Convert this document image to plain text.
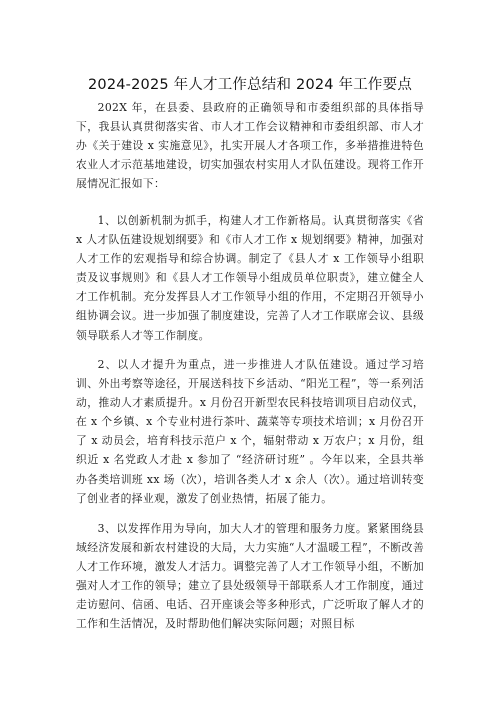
2024-2025 年人才工作总结和 2024 年工作要点

202X 年，在县委、县政府的正确领导和市委组织部的具体指导下，我县认真贯彻落实省、市人才工作会议精神和市委组织部、市人才办《关于建设 x 实施意见》，扎实开展人才各项工作，多举措推进特色农业人才示范基地建设，切实加强农村实用人才队伍建设。现将工作开展情况汇报如下：

1、以创新机制为抓手，构建人才工作新格局。认真贯彻落实《省 x 人才队伍建设规划纲要》和《市人才工作 x 规划纲要》精神，加强对人才工作的宏观指导和综合协调。制定了《县人才 x 工作领导小组职责及议事规则》和《县人才工作领导小组成员单位职责》，建立健全人才工作机制。充分发挥县人才工作领导小组的作用，不定期召开领导小组协调会议。进一步加强了制度建设，完善了人才工作联席会议、县级领导联系人才等工作制度。

2、以人才提升为重点，进一步推进人才队伍建设。通过学习培训、外出考察等途径，开展送科技下乡活动、“阳光工程”，等一系列活动，推动人才素质提升。x 月份召开新型农民科技培训项目启动仪式，在 x 个乡镇、x 个专业村进行茶叶、蔬菜等专项技术培训；x 月份召开了 x 动员会，培育科技示范户 x 个，辐射带动 x 万农户；x 月份，组织近 x 名党政人才赴 x 参加了 “经济研讨班” 。今年以来，全县共举办各类培训班 xx 场（次），培训各类人才 x 余人（次）。通过培训转变了创业者的择业观，激发了创业热情，拓展了能力。

3、以发挥作用为导向，加大人才的管理和服务力度。紧紧围绕县域经济发展和新农村建设的大局，大力实施“人才温暖工程”，不断改善人才工作环境，激发人才活力。调整完善了人才工作领导小组，不断加强对人才工作的领导；建立了县处级领导干部联系人才工作制度，通过走访慰问、信函、电话、召开座谈会等多种形式，广泛听取了解人才的工作和生活情况，及时帮助他们解决实际问题；对照目标
